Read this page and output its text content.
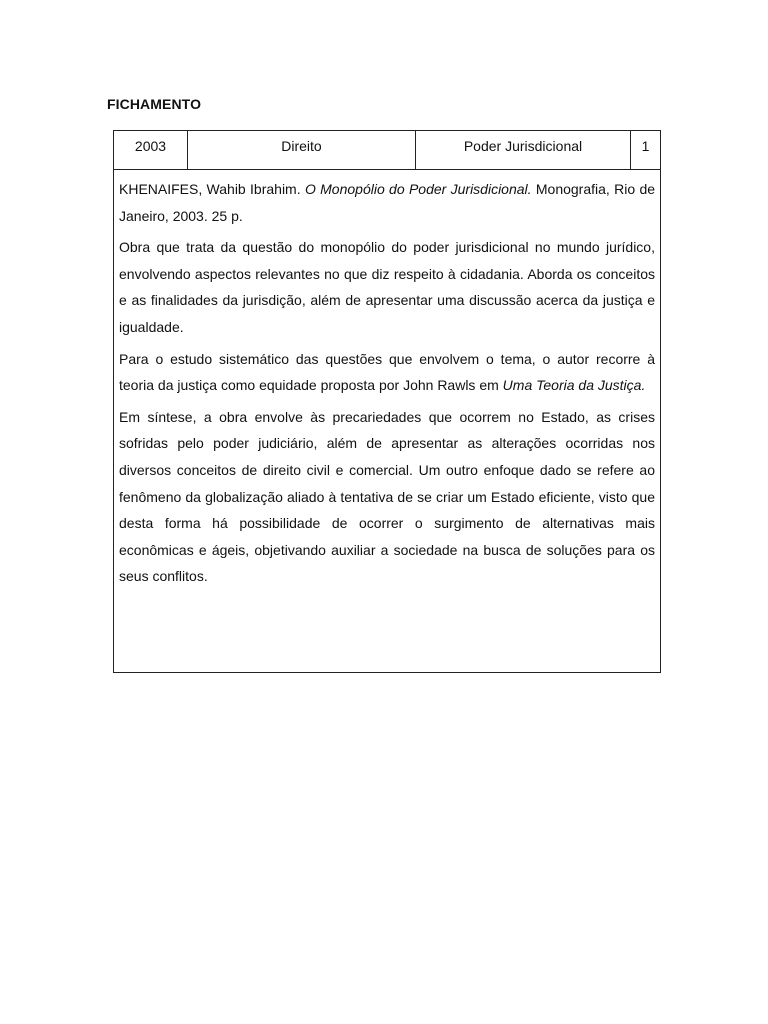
FICHAMENTO
2003	Direito	Poder Jurisdicional	1

KHENAIFES, Wahib Ibrahim. O Monopólio do Poder Jurisdicional. Monografia, Rio de Janeiro, 2003. 25 p.

Obra que trata da questão do monopólio do poder jurisdicional no mundo jurídico, envolvendo aspectos relevantes no que diz respeito à cidadania. Aborda os conceitos e as finalidades da jurisdição, além de apresentar uma discussão acerca da justiça e igualdade.

Para o estudo sistemático das questões que envolvem o tema, o autor recorre à teoria da justiça como equidade proposta por John Rawls em Uma Teoria da Justiça.

Em síntese, a obra envolve às precariedades que ocorrem no Estado, as crises sofridas pelo poder judiciário, além de apresentar as alterações ocorridas nos diversos conceitos de direito civil e comercial. Um outro enfoque dado se refere ao fenômeno da globalização aliado à tentativa de se criar um Estado eficiente, visto que desta forma há possibilidade de ocorrer o surgimento de alternativas mais econômicas e ágeis, objetivando auxiliar a sociedade na busca de soluções para os seus conflitos.
